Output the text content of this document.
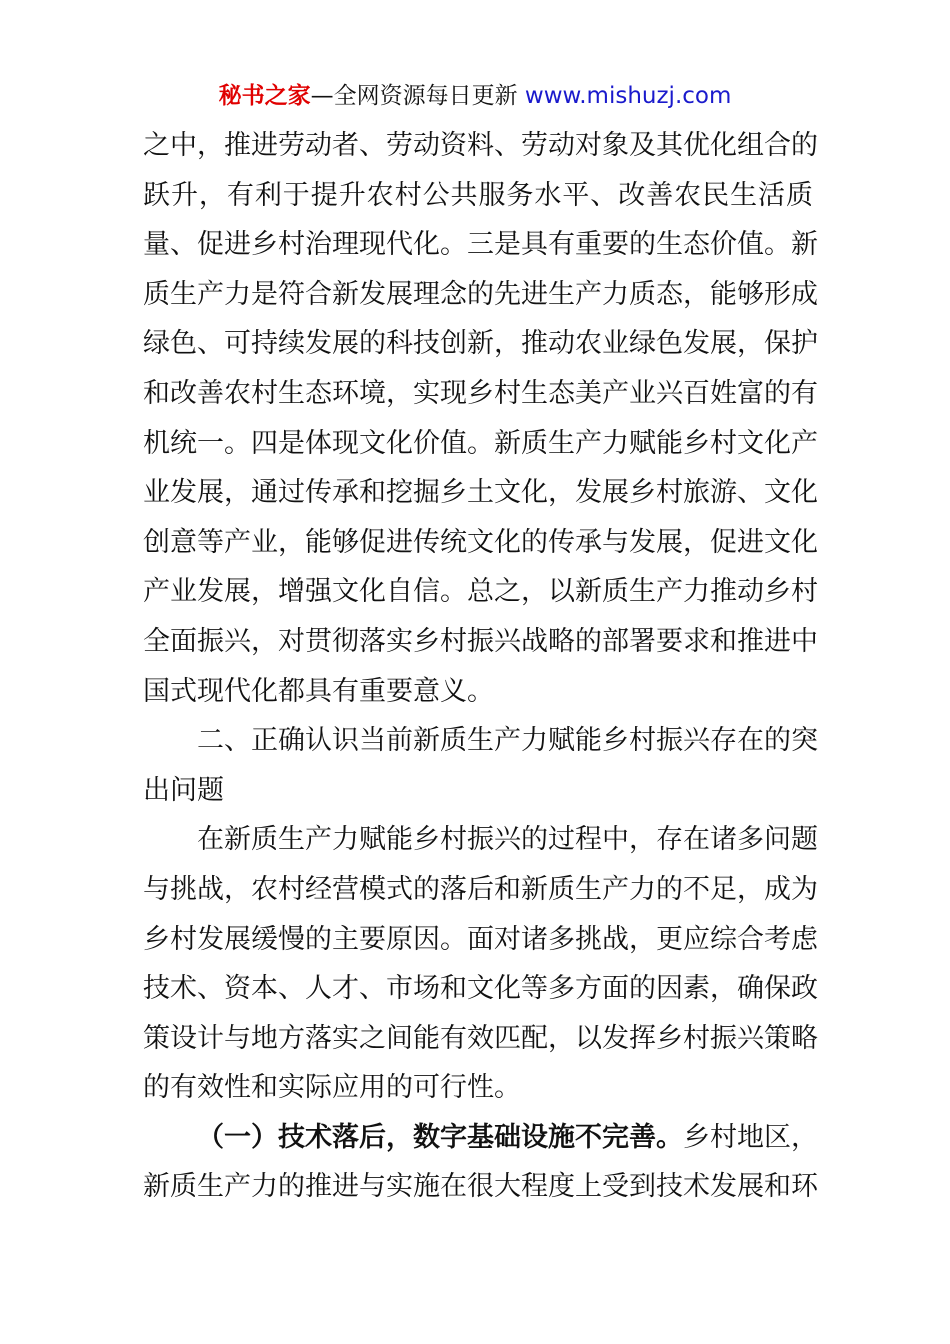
秘书之家—全网资源每日更新 www.mishuzj.com
之中，推进劳动者、劳动资料、劳动对象及其优化组合的
跃升，有利于提升农村公共服务水平、改善农民生活质
量、促进乡村治理现代化。三是具有重要的生态价值。新
质生产力是符合新发展理念的先进生产力质态，能够形成
绿色、可持续发展的科技创新，推动农业绿色发展，保护
和改善农村生态环境，实现乡村生态美产业兴百姓富的有
机统一。四是体现文化价值。新质生产力赋能乡村文化产
业发展，通过传承和挖掘乡土文化，发展乡村旅游、文化
创意等产业，能够促进传统文化的传承与发展，促进文化
产业发展，增强文化自信。总之，以新质生产力推动乡村
全面振兴，对贯彻落实乡村振兴战略的部署要求和推进中
国式现代化都具有重要意义。
二、正确认识当前新质生产力赋能乡村振兴存在的突
出问题
在新质生产力赋能乡村振兴的过程中，存在诸多问题
与挑战，农村经营模式的落后和新质生产力的不足，成为
乡村发展缓慢的主要原因。面对诸多挑战，更应综合考虑
技术、资本、人才、市场和文化等多方面的因素，确保政
策设计与地方落实之间能有效匹配，以发挥乡村振兴策略
的有效性和实际应用的可行性。
（一）技术落后，数字基础设施不完善。乡村地区，
新质生产力的推进与实施在很大程度上受到技术发展和环
